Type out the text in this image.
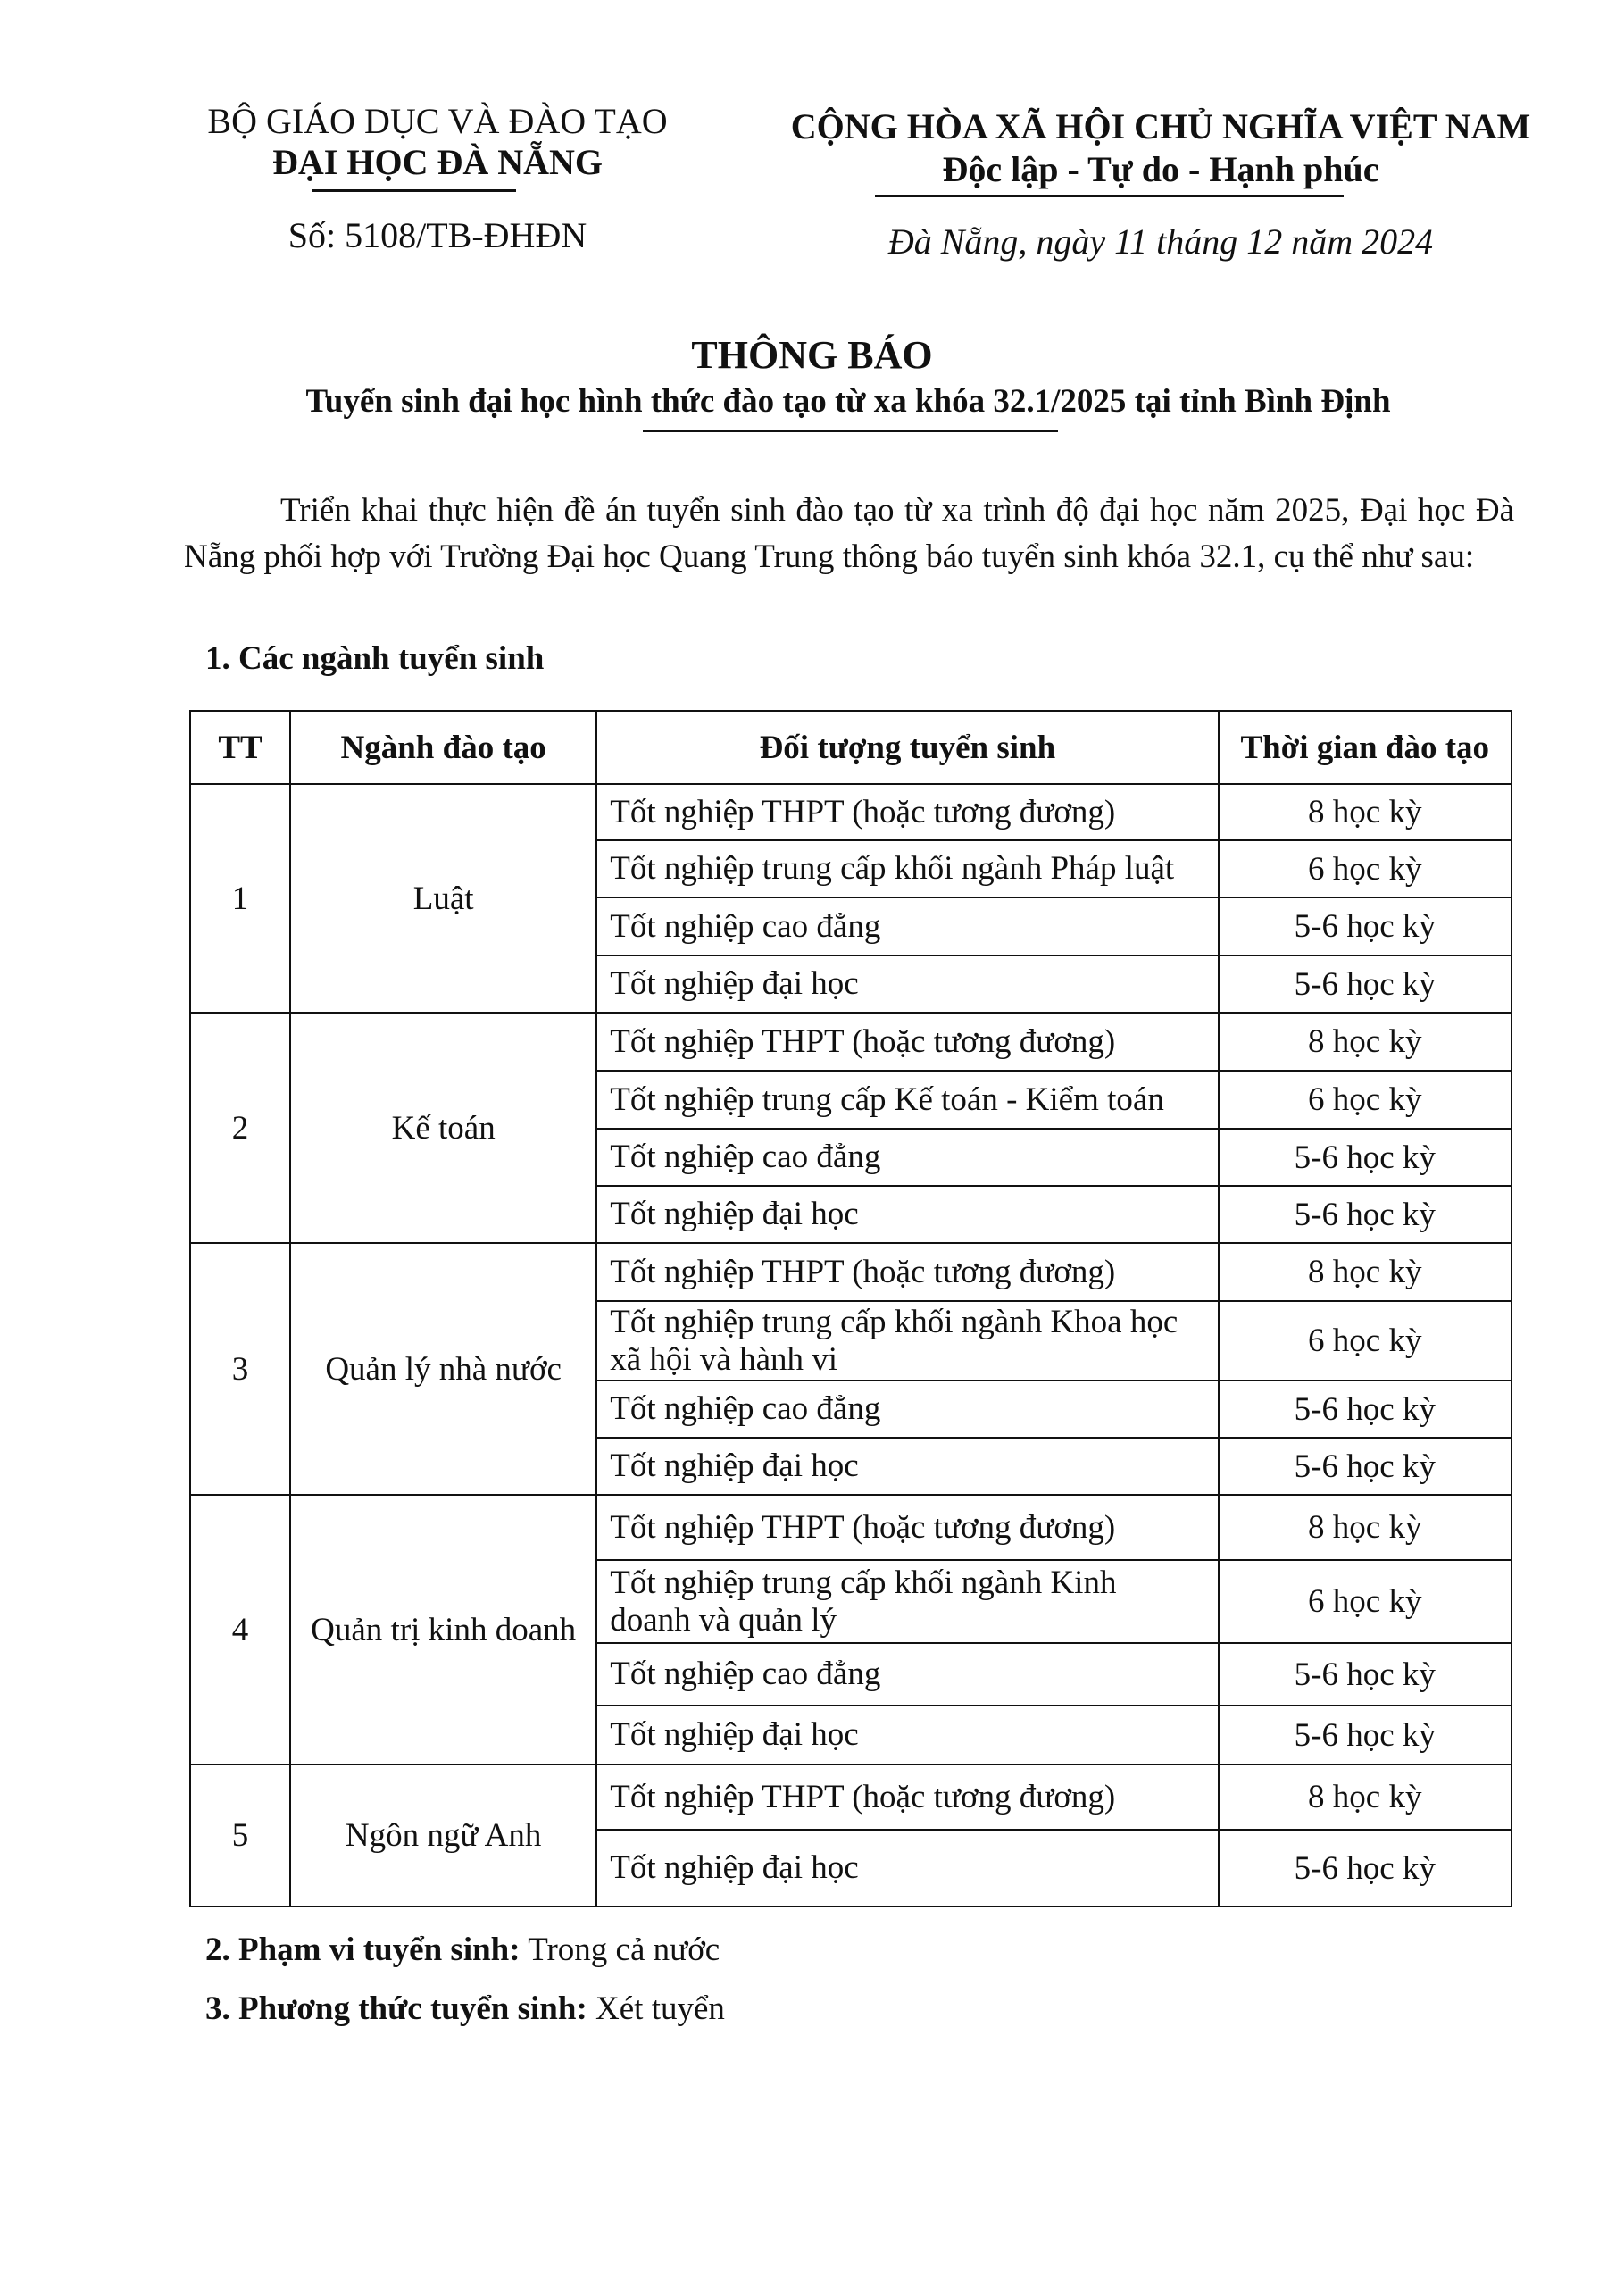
BỘ GIÁO DỤC VÀ ĐÀO TẠO
ĐẠI HỌC ĐÀ NẴNG
Số: 5108/TB-ĐHĐN
CỘNG HÒA XÃ HỘI CHỦ NGHĨA VIỆT NAM
Độc lập - Tự do - Hạnh phúc
Đà Nẵng, ngày 11 tháng 12 năm 2024
THÔNG BÁO
Tuyển sinh đại học hình thức đào tạo từ xa khóa 32.1/2025 tại tỉnh Bình Định
Triển khai thực hiện đề án tuyển sinh đào tạo từ xa trình độ đại học năm 2025, Đại học Đà Nẵng phối hợp với Trường Đại học Quang Trung thông báo tuyển sinh khóa 32.1, cụ thể như sau:
1. Các ngành tuyển sinh
TT	Ngành đào tạo	Đối tượng tuyển sinh	Thời gian đào tạo
1	Luật	Tốt nghiệp THPT (hoặc tương đương)	8 học kỳ
		Tốt nghiệp trung cấp khối ngành Pháp luật	6 học kỳ
		Tốt nghiệp cao đẳng	5-6 học kỳ
		Tốt nghiệp đại học	5-6 học kỳ
2	Kế toán	Tốt nghiệp THPT (hoặc tương đương)	8 học kỳ
		Tốt nghiệp trung cấp Kế toán - Kiểm toán	6 học kỳ
		Tốt nghiệp cao đẳng	5-6 học kỳ
		Tốt nghiệp đại học	5-6 học kỳ
3	Quản lý nhà nước	Tốt nghiệp THPT (hoặc tương đương)	8 học kỳ
		Tốt nghiệp trung cấp khối ngành Khoa học xã hội và hành vi	6 học kỳ
		Tốt nghiệp cao đẳng	5-6 học kỳ
		Tốt nghiệp đại học	5-6 học kỳ
4	Quản trị kinh doanh	Tốt nghiệp THPT (hoặc tương đương)	8 học kỳ
		Tốt nghiệp trung cấp khối ngành Kinh doanh và quản lý	6 học kỳ
		Tốt nghiệp cao đẳng	5-6 học kỳ
		Tốt nghiệp đại học	5-6 học kỳ
5	Ngôn ngữ Anh	Tốt nghiệp THPT (hoặc tương đương)	8 học kỳ
		Tốt nghiệp đại học	5-6 học kỳ
2. Phạm vi tuyển sinh: Trong cả nước
3. Phương thức tuyển sinh: Xét tuyển
